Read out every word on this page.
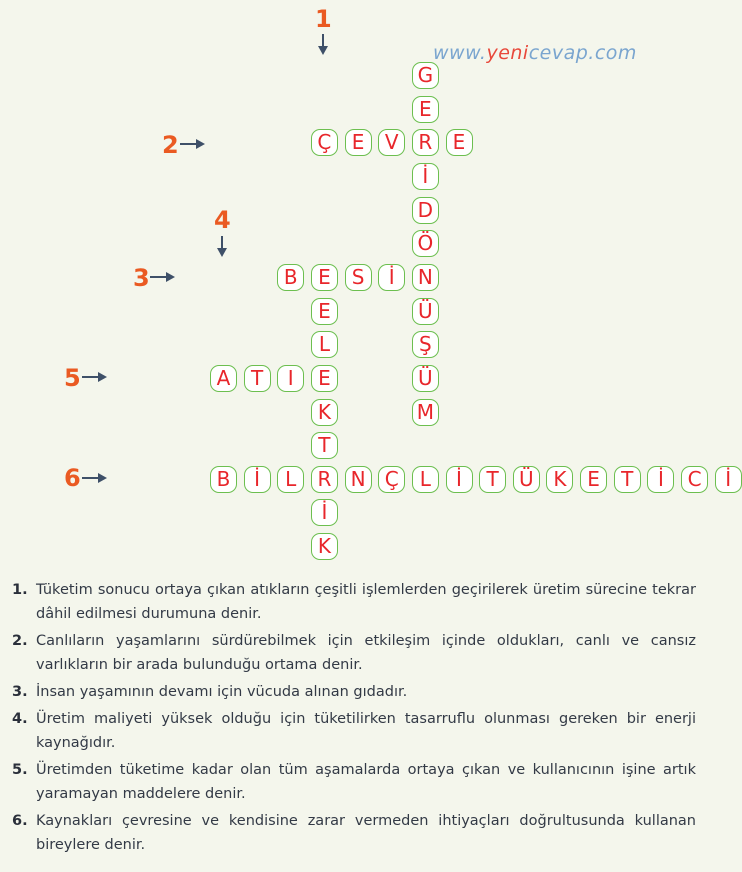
www.yenicevap.com
1
2
3
4
5
6
G
E
R
İ
D
Ö
N
Ü
Ş
Ü
M
Ç	E	V	E
B	E	S	İ
E
L
E
K
T
R
İ
K
A	T	I
B	İ	L	N Ç	L	İ	T	Ü K	E	T	İ	C	İ
1. Tüketim sonucu ortaya çıkan atıkların çeşitli işlemlerden geçirilerek üretim sürecine tekrar dâhil edilmesi durumuna denir.
2. Canlıların yaşamlarını sürdürebilmek için etkileşim içinde oldukları, canlı ve cansız varlıkların bir arada bulunduğu ortama denir.
3. İnsan yaşamının devamı için vücuda alınan gıdadır.
4. Üretim maliyeti yüksek olduğu için tüketilirken tasarruflu olunması gereken bir enerji kaynağıdır.
5. Üretimden tüketime kadar olan tüm aşamalarda ortaya çıkan ve kullanıcının işine artık yaramayan maddelere denir.
6. Kaynakları çevresine ve kendisine zarar vermeden ihtiyaçları doğrultusunda kullanan bireylere denir.
